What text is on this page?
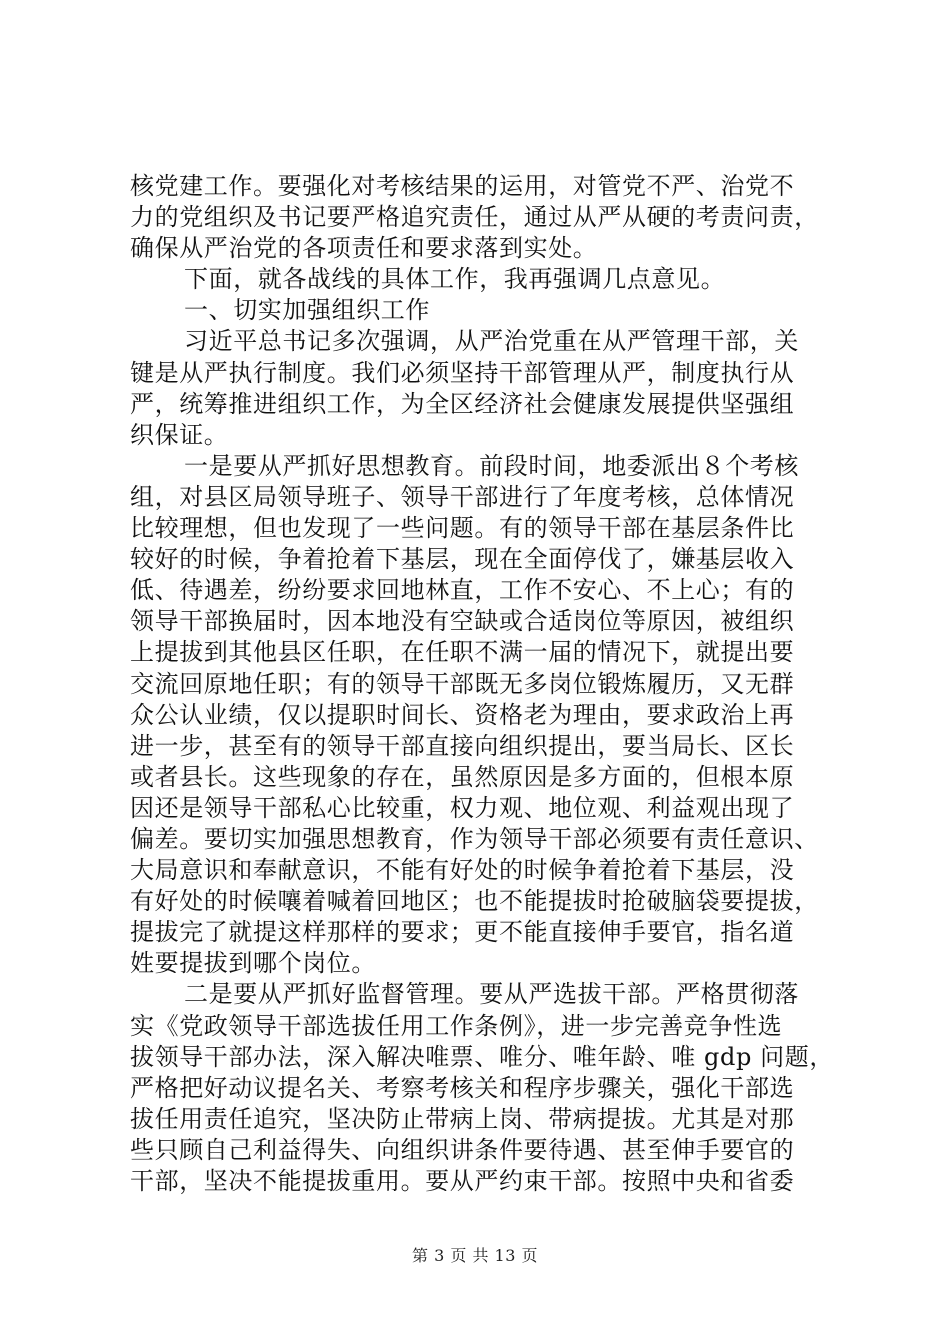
核党建工作。要强化对考核结果的运用，对管党不严、治党不
力的党组织及书记要严格追究责任，通过从严从硬的考责问责，
确保从严治党的各项责任和要求落到实处。
下面，就各战线的具体工作，我再强调几点意见。
一、切实加强组织工作
习近平总书记多次强调，从严治党重在从严管理干部，关
键是从严执行制度。我们必须坚持干部管理从严，制度执行从
严，统筹推进组织工作，为全区经济社会健康发展提供坚强组
织保证。
一是要从严抓好思想教育。前段时间，地委派出８个考核
组，对县区局领导班子、领导干部进行了年度考核，总体情况
比较理想，但也发现了一些问题。有的领导干部在基层条件比
较好的时候，争着抢着下基层，现在全面停伐了，嫌基层收入
低、待遇差，纷纷要求回地林直，工作不安心、不上心；有的
领导干部换届时，因本地没有空缺或合适岗位等原因，被组织
上提拔到其他县区任职，在任职不满一届的情况下，就提出要
交流回原地任职；有的领导干部既无多岗位锻炼履历，又无群
众公认业绩，仅以提职时间长、资格老为理由，要求政治上再
进一步，甚至有的领导干部直接向组织提出，要当局长、区长
或者县长。这些现象的存在，虽然原因是多方面的，但根本原
因还是领导干部私心比较重，权力观、地位观、利益观出现了
偏差。要切实加强思想教育，作为领导干部必须要有责任意识、
大局意识和奉献意识，不能有好处的时候争着抢着下基层，没
有好处的时候嚷着喊着回地区；也不能提拔时抢破脑袋要提拔，
提拔完了就提这样那样的要求；更不能直接伸手要官，指名道
姓要提拔到哪个岗位。
二是要从严抓好监督管理。要从严选拔干部。严格贯彻落
实《党政领导干部选拔任用工作条例》，进一步完善竞争性选
拔领导干部办法，深入解决唯票、唯分、唯年龄、唯 gdp 问题，
严格把好动议提名关、考察考核关和程序步骤关，强化干部选
拔任用责任追究，坚决防止带病上岗、带病提拔。尤其是对那
些只顾自己利益得失、向组织讲条件要待遇、甚至伸手要官的
干部，坚决不能提拔重用。要从严约束干部。按照中央和省委
第 3 页 共 13 页
